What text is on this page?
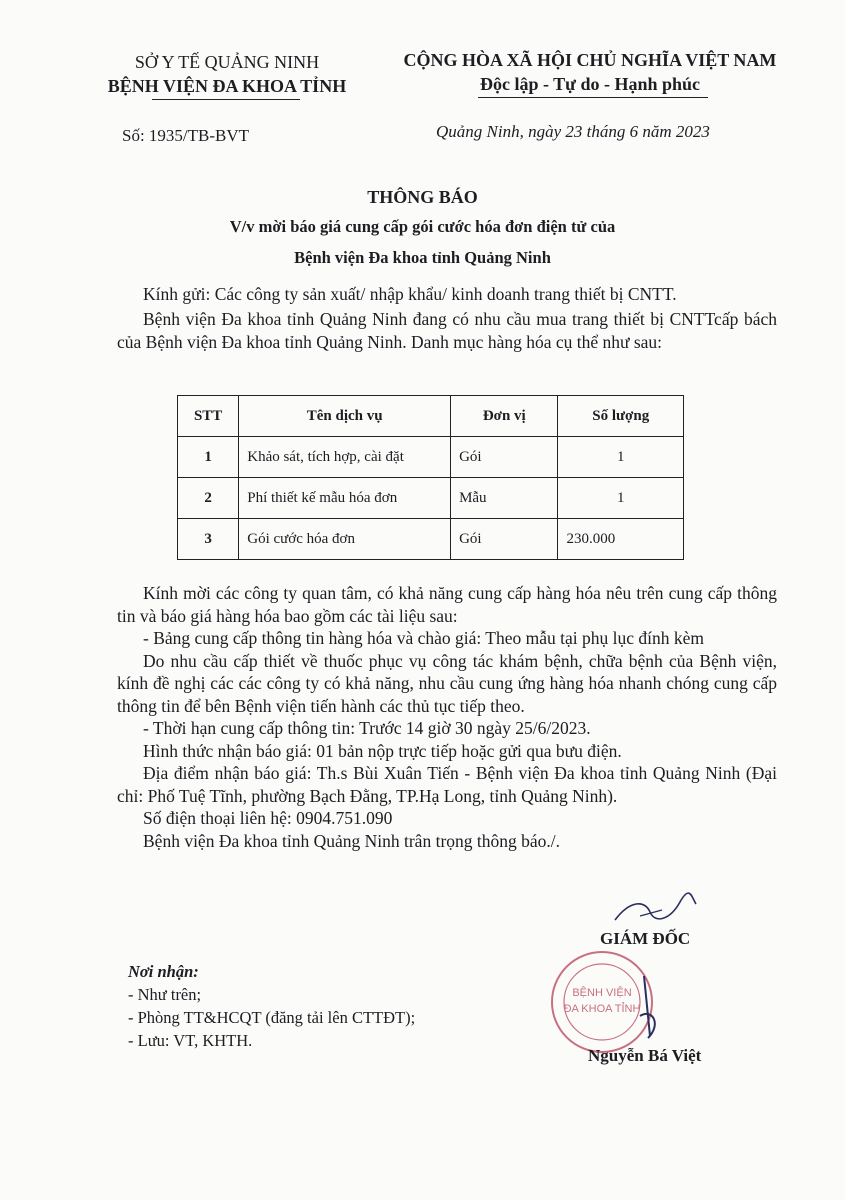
SỞ Y TẾ QUẢNG NINH
BỆNH VIỆN ĐA KHOA TỈNH
CỘNG HÒA XÃ HỘI CHỦ NGHĨA VIỆT NAM
Độc lập - Tự do - Hạnh phúc
Số: 1935/TB-BVT	Quảng Ninh, ngày 23 tháng 6 năm 2023
THÔNG BÁO
V/v mời báo giá cung cấp gói cước hóa đơn điện tử của
Bệnh viện Đa khoa tỉnh Quảng Ninh

Kính gửi: Các công ty sản xuất/ nhập khẩu/ kinh doanh trang thiết bị CNTT.

Bệnh viện Đa khoa tỉnh Quảng Ninh đang có nhu cầu mua trang thiết bị CNTTcấp bách của Bệnh viện Đa khoa tỉnh Quảng Ninh. Danh mục hàng hóa cụ thể như sau:

STT	Tên dịch vụ	Đơn vị	Số lượng
1	Khảo sát, tích hợp, cài đặt	Gói	1
2	Phí thiết kế mẫu hóa đơn	Mẫu	1
3	Gói cước hóa đơn	Gói	230.000

Kính mời các công ty quan tâm, có khả năng cung cấp hàng hóa nêu trên cung cấp thông tin và báo giá hàng hóa bao gồm các tài liệu sau:

- Bảng cung cấp thông tin hàng hóa và chào giá: Theo mẫu tại phụ lục đính kèm

Do nhu cầu cấp thiết về thuốc phục vụ công tác khám bệnh, chữa bệnh của Bệnh viện, kính đề nghị các các công ty có khả năng, nhu cầu cung ứng hàng hóa nhanh chóng cung cấp thông tin để bên Bệnh viện tiến hành các thủ tục tiếp theo.

- Thời hạn cung cấp thông tin: Trước 14 giờ 30 ngày 25/6/2023.

Hình thức nhận báo giá: 01 bản nộp trực tiếp hoặc gửi qua bưu điện.

Địa điểm nhận báo giá: Th.s Bùi Xuân Tiến - Bệnh viện Đa khoa tỉnh Quảng Ninh (Đại chỉ: Phố Tuệ Tĩnh, phường Bạch Đằng, TP.Hạ Long, tỉnh Quảng Ninh).

Số điện thoại liên hệ: 0904.751.090

Bệnh viện Đa khoa tỉnh Quảng Ninh trân trọng thông báo./.

GIÁM ĐỐC
BỆNH VIỆN
ĐA KHOA TỈNH
Nguyễn Bá Việt
Nơi nhận:
- Như trên;
- Phòng TT&HCQT (đăng tải lên CTTĐT);
- Lưu: VT, KHTH.
